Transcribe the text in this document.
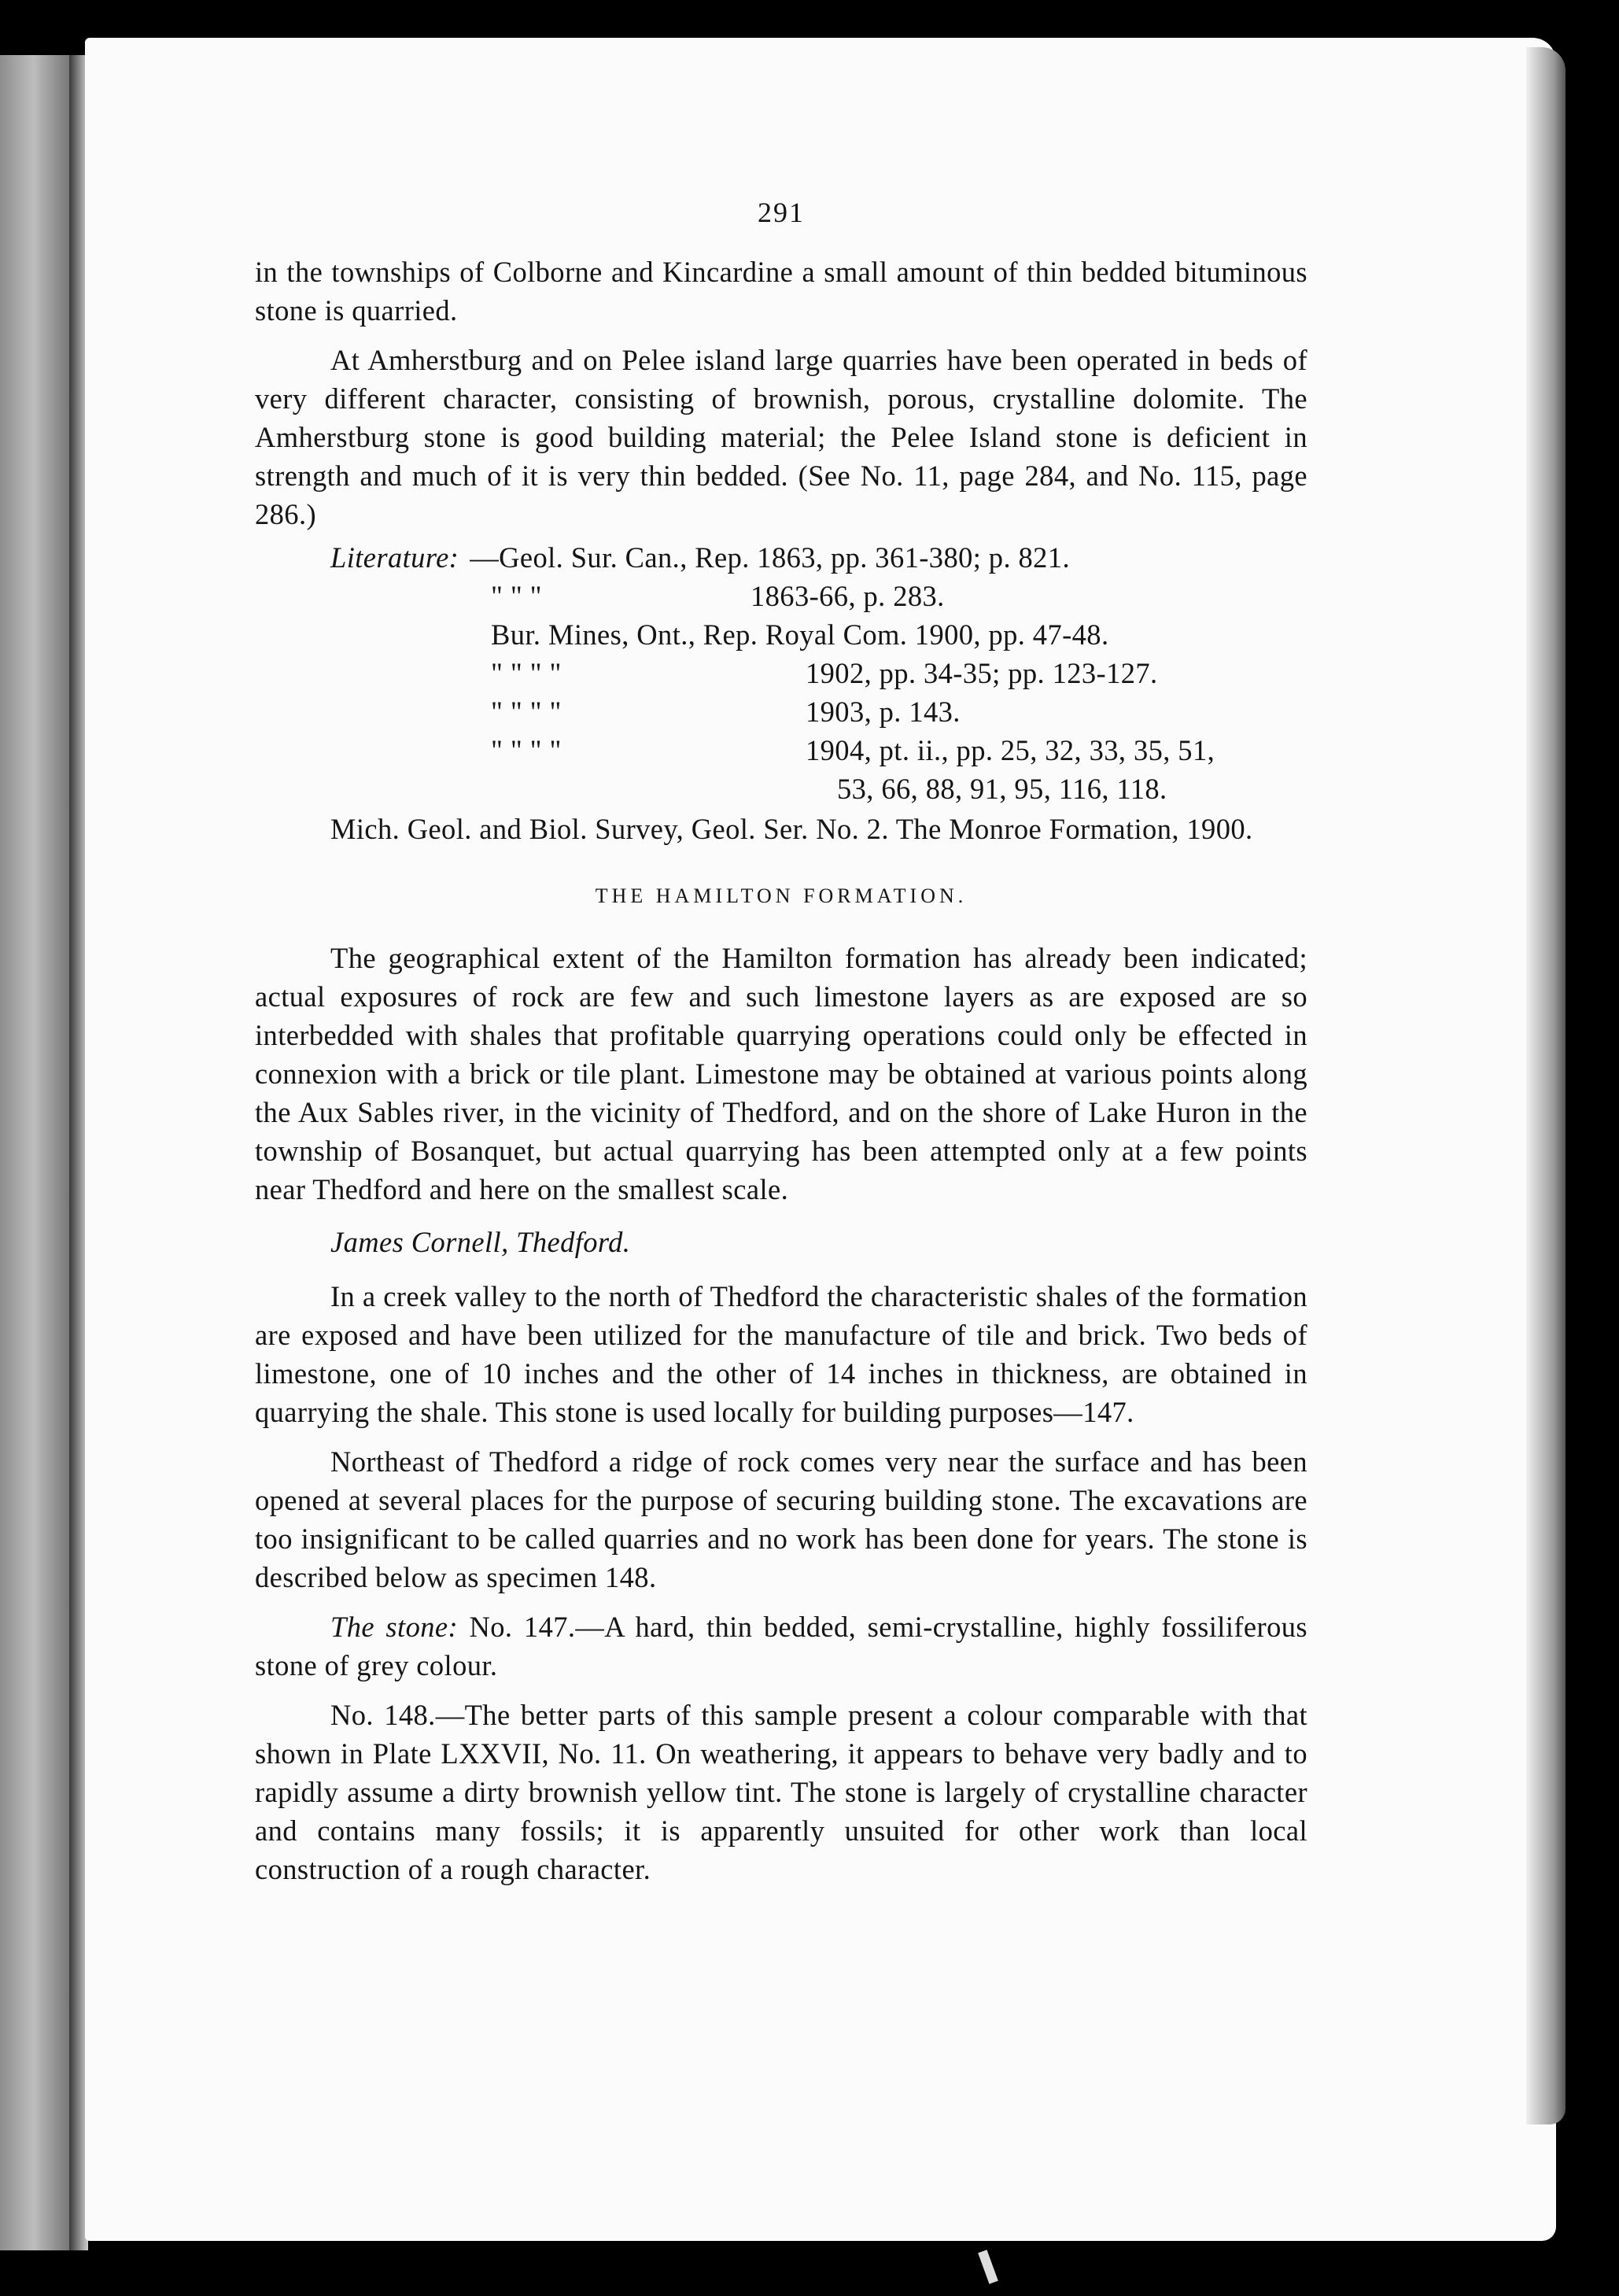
291

in the townships of Colborne and Kincardine a small amount of thin bedded bituminous stone is quarried.

At Amherstburg and on Pelee island large quarries have been operated in beds of very different character, consisting of brownish, porous, crystalline dolomite. The Amherstburg stone is good building material; the Pelee Island stone is deficient in strength and much of it is very thin bedded. (See No. 11, page 284, and No. 115, page 286.)

Literature: —Geol. Sur. Can., Rep. 1863, pp. 361-380; p. 821.
" " "	1863-66, p. 283.
Bur. Mines, Ont., Rep. Royal Com. 1900, pp. 47-48.
" " " "	1902, pp. 34-35; pp. 123-127.
" " " "	1903, p. 143.
" " " "	1904, pt. ii., pp. 25, 32, 33, 35, 51,
53, 66, 88, 91, 95, 116, 118.

Mich. Geol. and Biol. Survey, Geol. Ser. No. 2. The Monroe Formation, 1900.

THE HAMILTON FORMATION.

The geographical extent of the Hamilton formation has already been indicated; actual exposures of rock are few and such limestone layers as are exposed are so interbedded with shales that profitable quarrying operations could only be effected in connexion with a brick or tile plant. Limestone may be obtained at various points along the Aux Sables river, in the vicinity of Thedford, and on the shore of Lake Huron in the township of Bosanquet, but actual quarrying has been attempted only at a few points near Thedford and here on the smallest scale.

James Cornell, Thedford.

In a creek valley to the north of Thedford the characteristic shales of the formation are exposed and have been utilized for the manufacture of tile and brick. Two beds of limestone, one of 10 inches and the other of 14 inches in thickness, are obtained in quarrying the shale. This stone is used locally for building purposes—147.

Northeast of Thedford a ridge of rock comes very near the surface and has been opened at several places for the purpose of securing building stone. The excavations are too insignificant to be called quarries and no work has been done for years. The stone is described below as specimen 148.

The stone: No. 147.—A hard, thin bedded, semi-crystalline, highly fossiliferous stone of grey colour.

No. 148.—The better parts of this sample present a colour comparable with that shown in Plate LXXVII, No. 11. On weathering, it appears to behave very badly and to rapidly assume a dirty brownish yellow tint. The stone is largely of crystalline character and contains many fossils; it is apparently unsuited for other work than local construction of a rough character.
